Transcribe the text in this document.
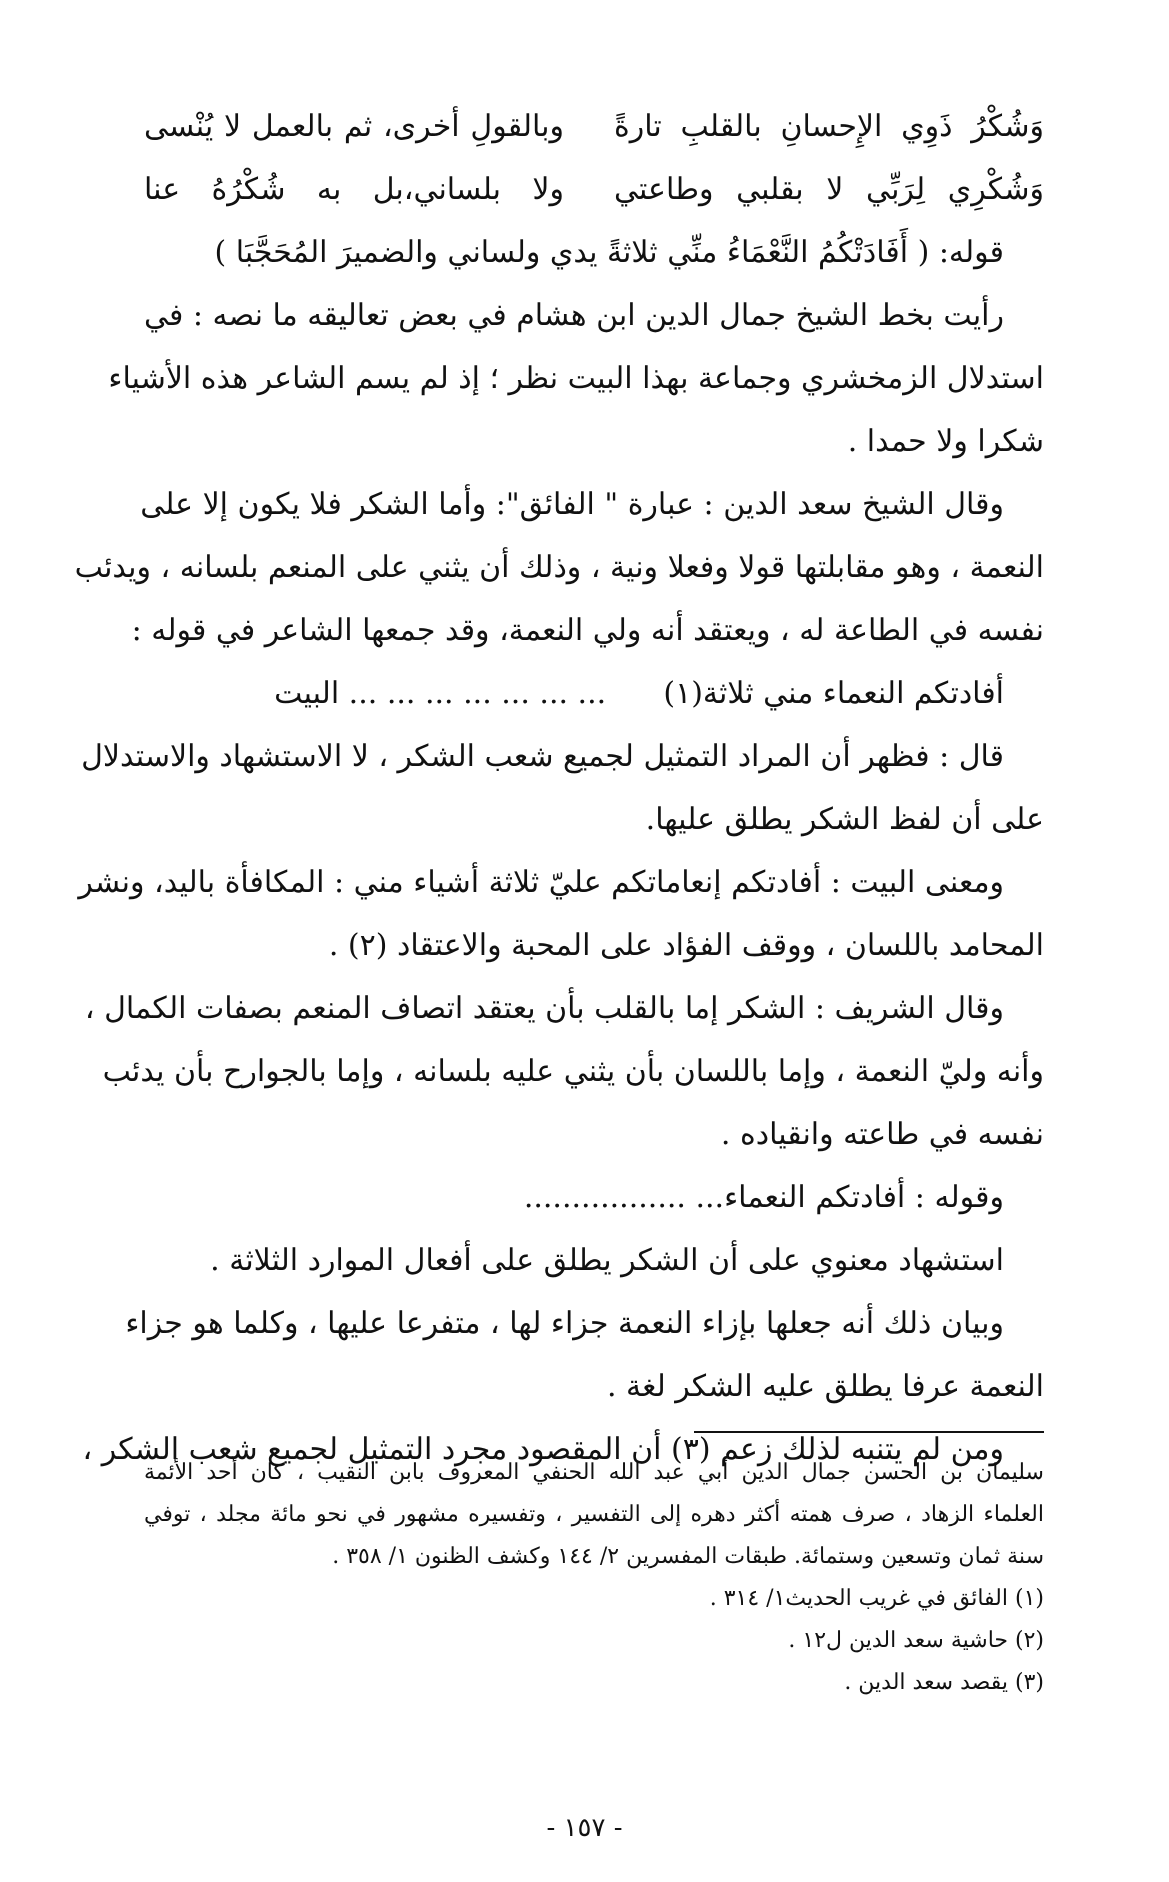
وَشُكْرُ ذَوِي الإِحسانِ بالقلبِ تارةً
وبالقولِ أخرى، ثم بالعمل لا يُنْسى
وَشُكْرِي لِرَبِّي لا بقلبي وطاعتي
ولا بلساني،بل به شُكْرُهُ عنا
قوله: ( أَفَادَتْكُمُ النَّعْمَاءُ منِّي ثلاثةً يدي ولساني والضميرَ المُحَجَّبَا )
رأيت بخط الشيخ جمال الدين ابن هشام في بعض تعاليقه ما نصه : في
استدلال الزمخشري وجماعة بهذا البيت نظر ؛ إذ لم يسم الشاعر هذه الأشياء
شكرا ولا حمدا .
وقال الشيخ سعد الدين : عبارة " الفائق": وأما الشكر فلا يكون إلا على
النعمة ، وهو مقابلتها قولا وفعلا ونية ، وذلك أن يثني على المنعم بلسانه ، ويدئب
نفسه في الطاعة له ، ويعتقد أنه ولي النعمة، وقد جمعها الشاعر في قوله :
أفادتكم النعماء مني ثلاثة(١)      ... ... ... ... ... ... ... البيت
قال : فظهر أن المراد التمثيل لجميع شعب الشكر ، لا الاستشهاد والاستدلال
على أن لفظ الشكر يطلق عليها.
ومعنى البيت : أفادتكم إنعاماتكم عليّ ثلاثة أشياء مني : المكافأة باليد، ونشر
المحامد باللسان ، ووقف الفؤاد على المحبة والاعتقاد (٢) .
وقال الشريف : الشكر إما بالقلب بأن يعتقد اتصاف المنعم بصفات الكمال ،
وأنه وليّ النعمة ، وإما باللسان بأن يثني عليه بلسانه ، وإما بالجوارح بأن يدئب
نفسه في طاعته وانقياده .
وقوله : أفادتكم النعماء... .................
استشهاد معنوي على أن الشكر يطلق على أفعال الموارد الثلاثة .
وبيان ذلك أنه جعلها بإزاء النعمة جزاء لها ، متفرعا عليها ، وكلما هو جزاء
النعمة عرفا يطلق عليه الشكر لغة .
ومن لم يتنبه لذلك زعم (٣) أن المقصود مجرد التمثيل لجميع شعب الشكر ،
سليمان بن الحسن جمال الدين أبي عبد الله الحنفي المعروف بابن النقيب ، كان أحد الأئمة
العلماء الزهاد ، صرف همته أكثر دهره إلى التفسير ، وتفسيره مشهور في نحو مائة مجلد ، توفي
سنة ثمان وتسعين وستمائة. طبقات المفسرين ٢/ ١٤٤ وكشف الظنون ١/ ٣٥٨ .
(١) الفائق في غريب الحديث١/ ٣١٤ .
(٢) حاشية سعد الدين ل١٢ .
(٣) يقصد سعد الدين .
- ١٥٧ -
